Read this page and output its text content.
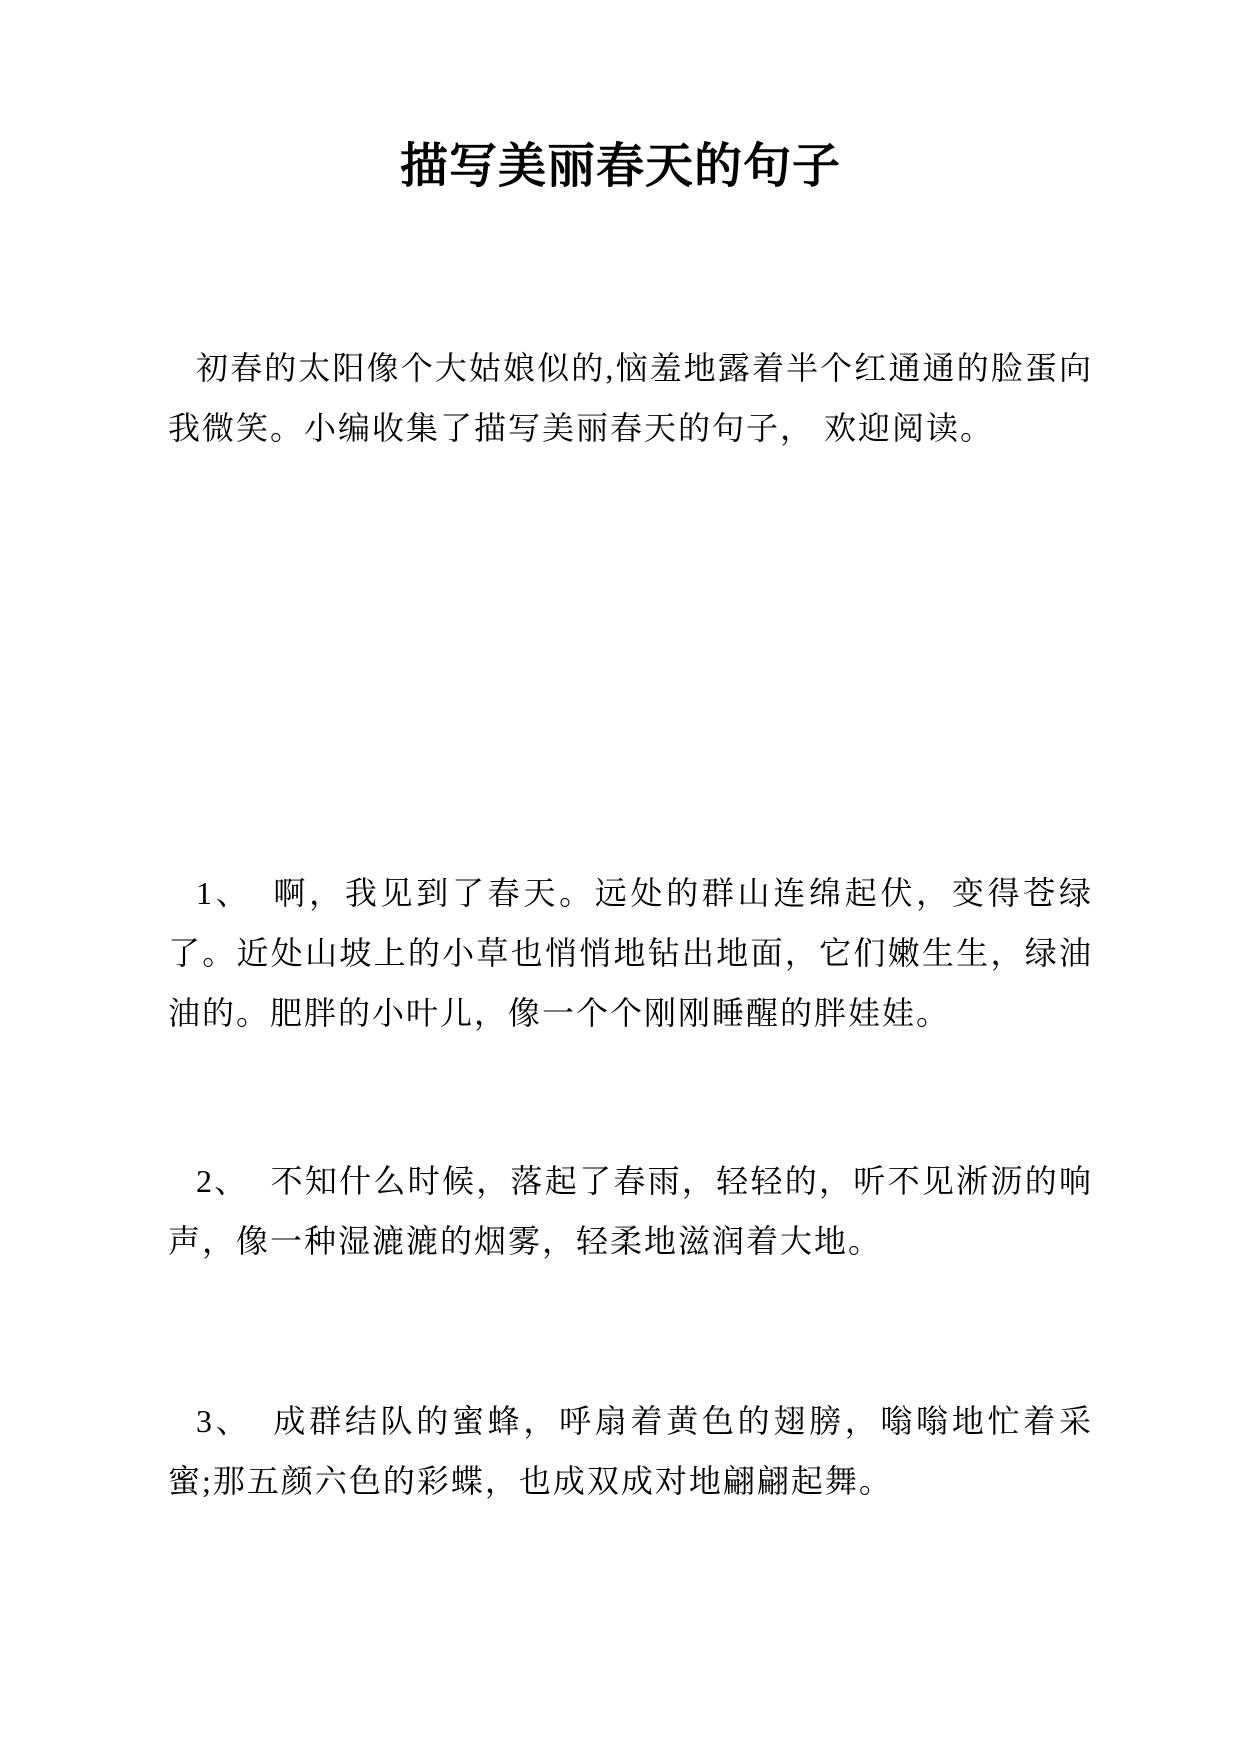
描写美丽春天的句子

初春的太阳像个大姑娘似的,恼羞地露着半个红通通的脸蛋向我微笑。小编收集了描写美丽春天的句子， 欢迎阅读。

1、 啊，我见到了春天。远处的群山连绵起伏，变得苍绿了。近处山坡上的小草也悄悄地钻出地面，它们嫩生生，绿油油的。肥胖的小叶儿，像一个个刚刚睡醒的胖娃娃。

2、 不知什么时候，落起了春雨，轻轻的，听不见淅沥的响声，像一种湿漉漉的烟雾，轻柔地滋润着大地。

3、 成群结队的蜜蜂，呼扇着黄色的翅膀，嗡嗡地忙着采蜜;那五颜六色的彩蝶，也成双成对地翩翩起舞。
